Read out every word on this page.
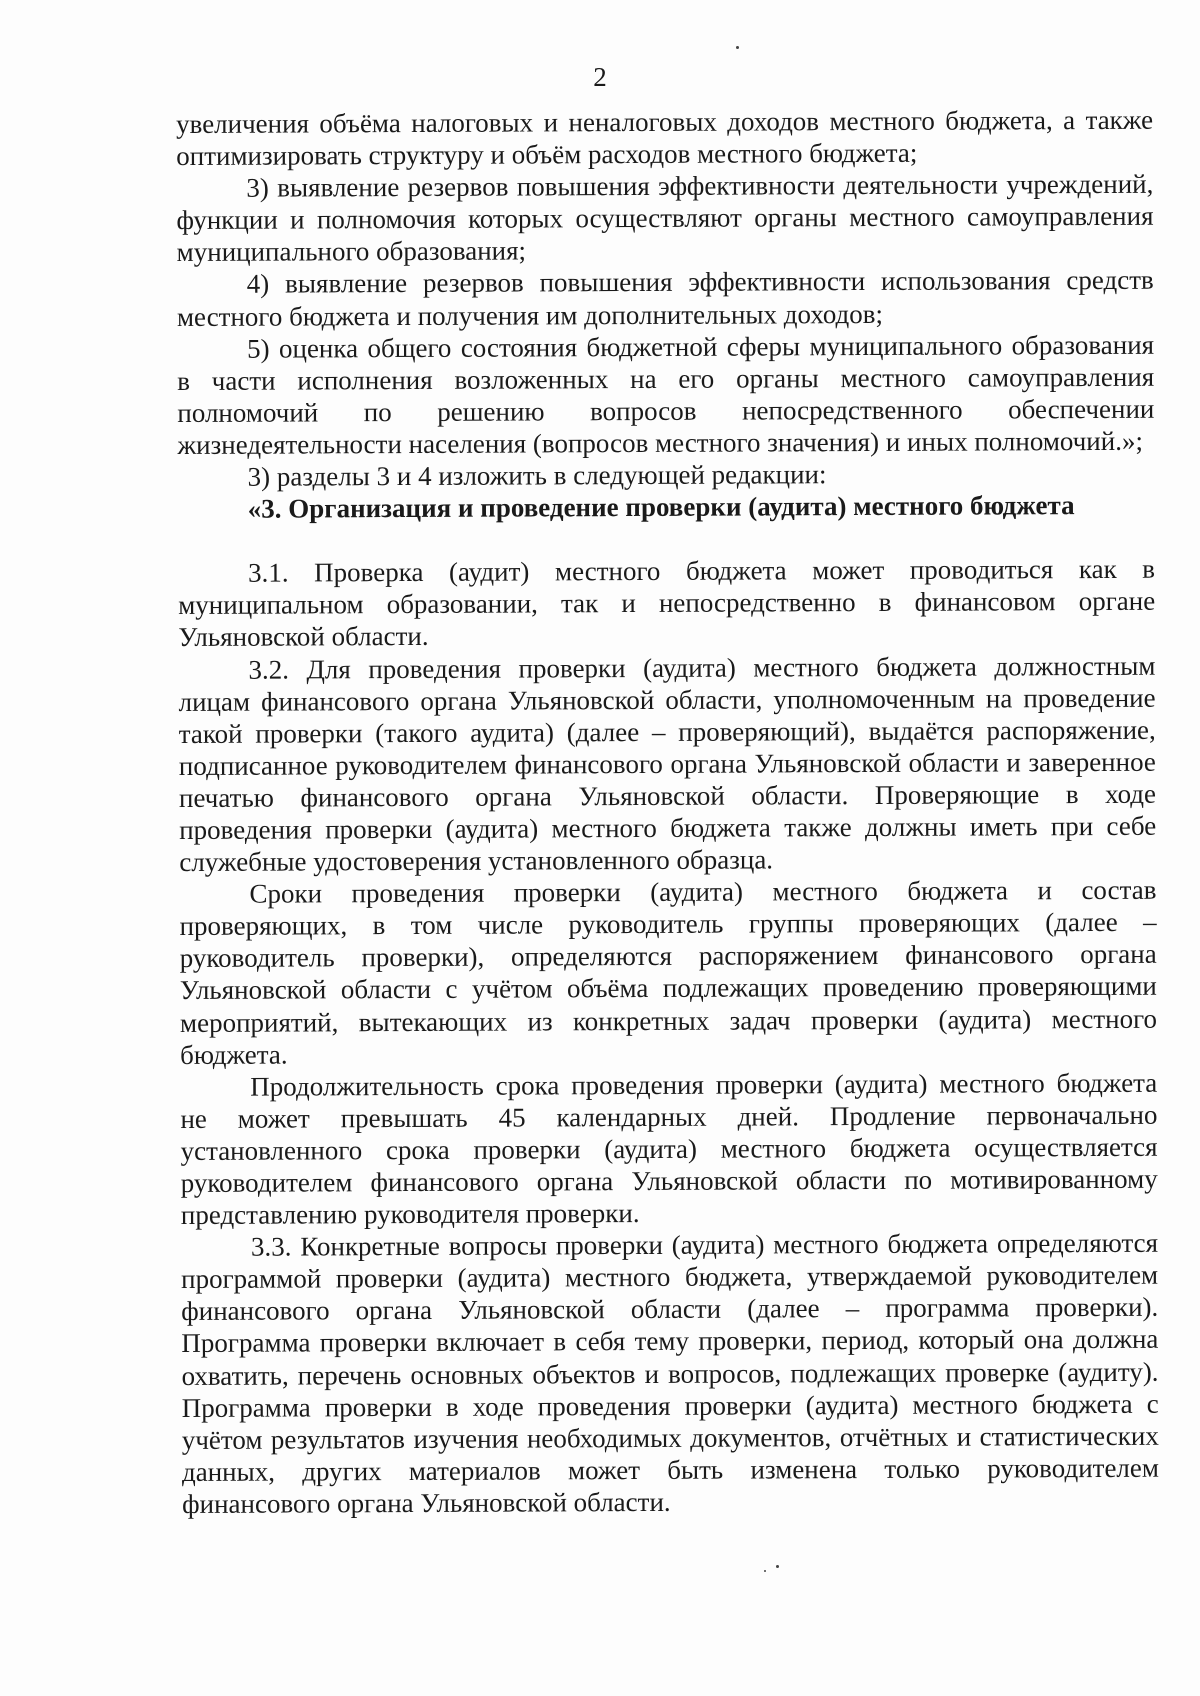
2

увеличения объёма налоговых и неналоговых доходов местного бюджета, а также оптимизировать структуру и объём расходов местного бюджета;

3) выявление резервов повышения эффективности деятельности учреждений, функции и полномочия которых осуществляют органы местного самоуправления муниципального образования;

4) выявление резервов повышения эффективности использования средств местного бюджета и получения им дополнительных доходов;

5) оценка общего состояния бюджетной сферы муниципального образования в части исполнения возложенных на его органы местного самоуправления полномочий по решению вопросов непосредственного обеспечении жизнедеятельности населения (вопросов местного значения) и иных полномочий.»;

3) разделы 3 и 4 изложить в следующей редакции:

«3. Организация и проведение проверки (аудита) местного бюджета

3.1. Проверка (аудит) местного бюджета может проводиться как в муниципальном образовании, так и непосредственно в финансовом органе Ульяновской области.

3.2. Для проведения проверки (аудита) местного бюджета должностным лицам финансового органа Ульяновской области, уполномоченным на проведение такой проверки (такого аудита) (далее – проверяющий), выдаётся распоряжение, подписанное руководителем финансового органа Ульяновской области и заверенное печатью финансового органа Ульяновской области. Проверяющие в ходе проведения проверки (аудита) местного бюджета также должны иметь при себе служебные удостоверения установленного образца.

Сроки проведения проверки (аудита) местного бюджета и состав проверяющих, в том числе руководитель группы проверяющих (далее – руководитель проверки), определяются распоряжением финансового органа Ульяновской области с учётом объёма подлежащих проведению проверяющими мероприятий, вытекающих из конкретных задач проверки (аудита) местного бюджета.

Продолжительность срока проведения проверки (аудита) местного бюджета не может превышать 45 календарных дней. Продление первоначально установленного срока проверки (аудита) местного бюджета осуществляется руководителем финансового органа Ульяновской области по мотивированному представлению руководителя проверки.

3.3. Конкретные вопросы проверки (аудита) местного бюджета определяются программой проверки (аудита) местного бюджета, утверждаемой руководителем финансового органа Ульяновской области (далее – программа проверки). Программа проверки включает в себя тему проверки, период, который она должна охватить, перечень основных объектов и вопросов, подлежащих проверке (аудиту). Программа проверки в ходе проведения проверки (аудита) местного бюджета с учётом результатов изучения необходимых документов, отчётных и статистических данных, других материалов может быть изменена только руководителем финансового органа Ульяновской области.
